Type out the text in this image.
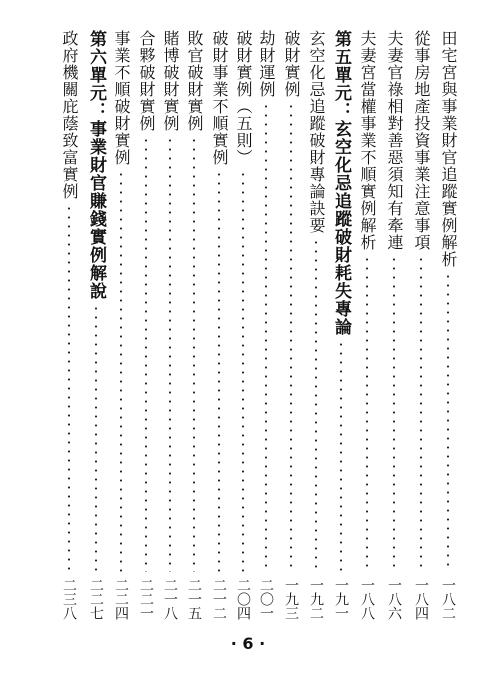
田宅宮與事業財官追蹤實例解析
一八二
從事房地產投資事業注意事項
一八四
夫妻官祿相對善惡須知有牽連
一八六
夫妻宮當權事業不順實例解析
一八八
第五單元：玄空化忌追蹤破財耗失專論
一九一
玄空化忌追蹤破財專論訣要
一九二
破財實例
一九三
劫財運例
二〇一
破財實例（五則）
二〇四
破財事業不順實例
二一二
敗官破財實例
二一五
賭博破財實例
二一八
合夥破財實例
二二一
事業不順破財實例
二二四
第六單元：事業財官賺錢實例解說
二二七
政府機關庇蔭致富實例
二三八
· 6 ·
